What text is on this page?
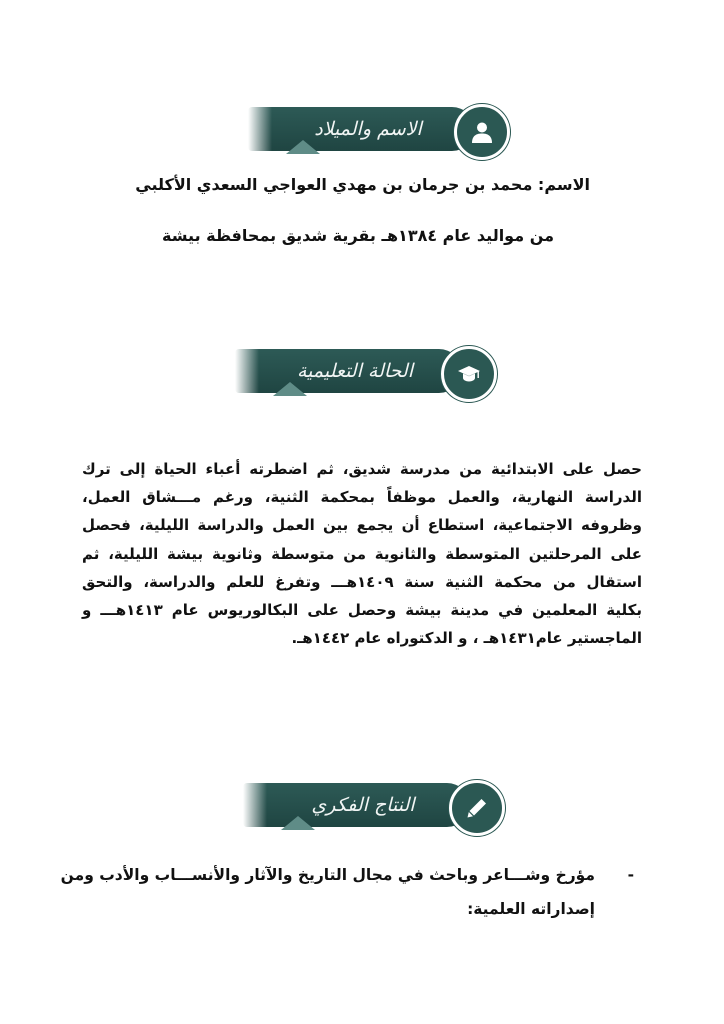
الاسم والميلاد
الاسم: محمد بن جرمان بن مهدي العواجي السعدي الأكلبي
من مواليد عام ١٣٨٤هـ بقرية شديق بمحافظة بيشة
الحالة التعليمية
حصل على الابتدائية من مدرسة شديق، ثم اضطرته أعباء الحياة إلى ترك
الدراسة النهارية، والعمل موظفاً بمحكمة الثنية، ورغم مـــشاق العمل،
وظروفه الاجتماعية، استطاع أن يجمع بين العمل والدراسة الليلية، فحصل
على المرحلتين المتوسطة والثانوية من متوسطة وثانوية بيشة الليلية، ثم
استقال من محكمة الثنية سنة ١٤٠٩هـــ وتفرغ للعلم والدراسة، والتحق
بكلية المعلمين في مدينة بيشة وحصل على البكالوريوس عام ١٤١٣هـــ و
الماجستير عام١٤٣١هـ ، و الدكتوراه عام ١٤٤٢هـ.
النتاج الفكري
-
مؤرخ وشـــاعر وباحث في مجال التاريخ والآثار والأنســـاب والأدب ومن
إصداراته العلمية:
